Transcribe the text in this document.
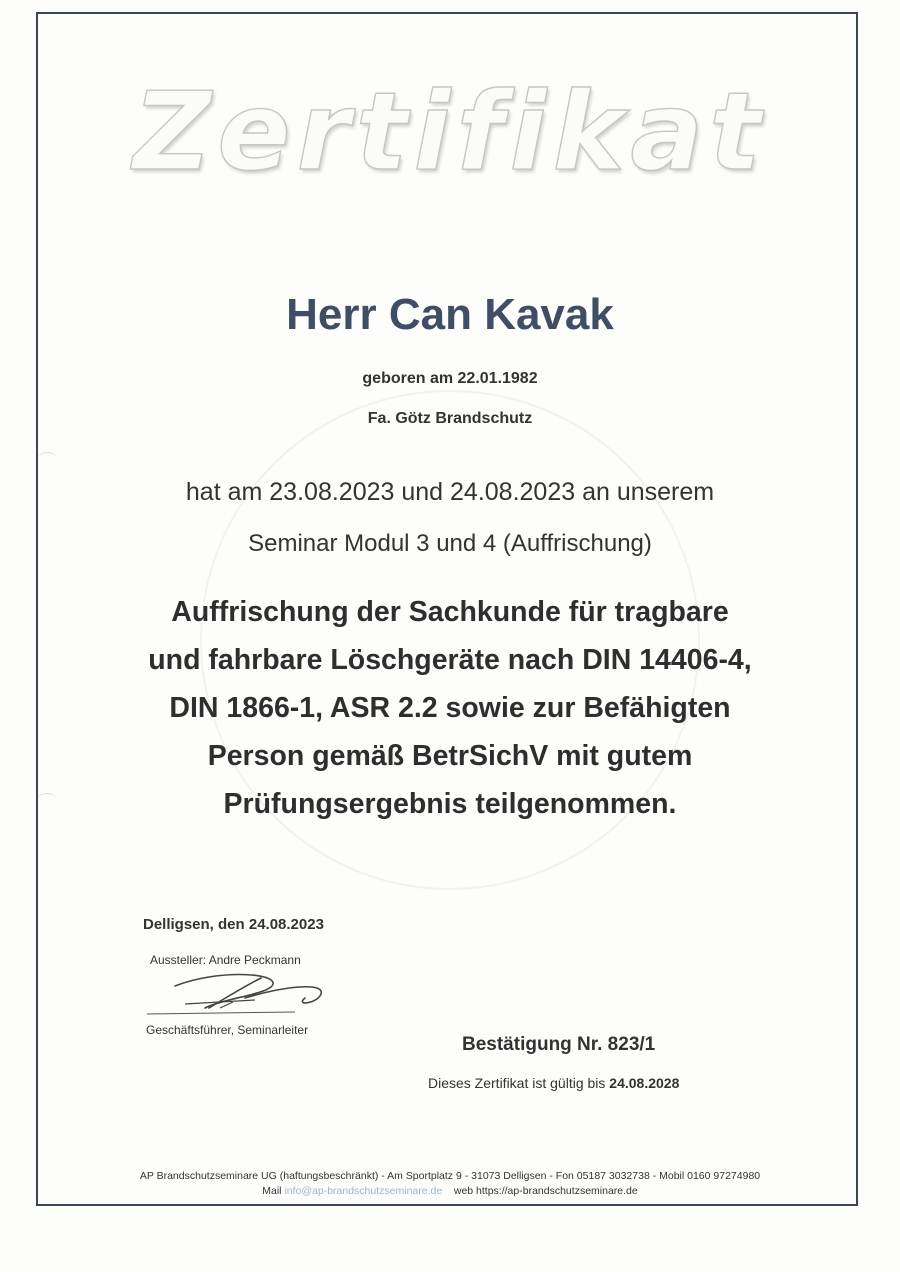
Zertifikat
Herr Can Kavak
geboren am 22.01.1982
Fa. Götz Brandschutz
hat am 23.08.2023 und 24.08.2023 an unserem
Seminar Modul 3 und 4 (Auffrischung)
Auffrischung der Sachkunde für tragbare
und fahrbare Löschgeräte nach DIN 14406-4,
DIN 1866-1, ASR 2.2 sowie zur Befähigten
Person gemäß BetrSichV mit gutem
Prüfungsergebnis teilgenommen.
Delligsen, den 24.08.2023
Aussteller: Andre Peckmann
Geschäftsführer, Seminarleiter
Bestätigung Nr. 823/1
Dieses Zertifikat ist gültig bis 24.08.2028
AP Brandschutzseminare UG (haftungsbeschränkt) - Am Sportplatz 9 - 31073 Delligsen - Fon 05187 3032738 - Mobil 0160 97274980
Mail info@ap-brandschutzseminare.de web https://ap-brandschutzseminare.de
